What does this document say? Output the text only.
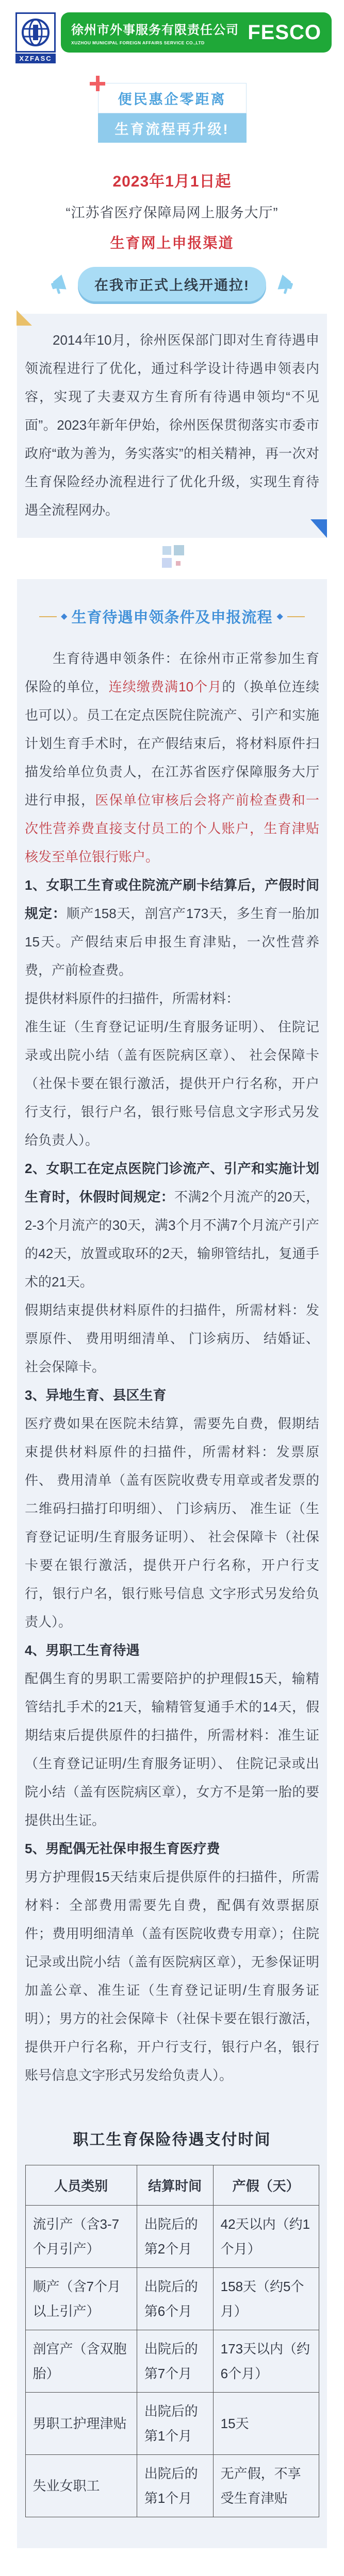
XZFASC
徐州市外事服务有限责任公司
XUZHOU MUNICIPAL FOREIGN AFFAIRS SERVICE CO.,LTD	FESCO
便民惠企零距离
生育流程再升级!
2023年1月1日起
“江苏省医疗保障局网上服务大厅”
生育网上申报渠道
在我市正式上线开通拉!

2014年10月，徐州医保部门即对生育待遇申领流程进行了优化，通过科学设计待遇申领表内容，实现了夫妻双方生育所有待遇申领均“不见面”。2023年新年伊始，徐州医保贯彻落实市委市政府“敢为善为，务实落实”的相关精神，再一次对生育保险经办流程进行了优化升级，实现生育待遇全流程网办。

◆ 生育待遇申领条件及申报流程 ◆

生育待遇申领条件：在徐州市正常参加生育保险的单位，连续缴费满10个月的（换单位连续也可以）。员工在定点医院住院流产、引产和实施计划生育手术时，在产假结束后，将材料原件扫描发给单位负责人，在江苏省医疗保障服务大厅进行申报，医保单位审核后会将产前检查费和一次性营养费直接支付员工的个人账户，生育津贴核发至单位银行账户。

1、女职工生育或住院流产刷卡结算后，产假时间规定：顺产158天，剖宫产173天，多生育一胎加15天。产假结束后申报生育津贴，一次性营养费，产前检查费。

提供材料原件的扫描件，所需材料：

准生证（生育登记证明/生育服务证明）、 住院记录或出院小结（盖有医院病区章）、 社会保障卡（社保卡要在银行激活，提供开户行名称，开户行支行，银行户名，银行账号信息文字形式另发给负责人）。

2、女职工在定点医院门诊流产、引产和实施计划生育时，休假时间规定：不满2个月流产的20天，2-3个月流产的30天，满3个月不满7个月流产引产的42天，放置或取环的2天，输卵管结扎，复通手术的21天。

假期结束提供材料原件的扫描件，所需材料：发票原件、 费用明细清单、 门诊病历、 结婚证、 社会保障卡。

3、异地生育、县区生育

医疗费如果在医院未结算，需要先自费，假期结束提供材料原件的扫描件，所需材料：发票原件、 费用清单（盖有医院收费专用章或者发票的二维码扫描打印明细）、 门诊病历、 准生证（生育登记证明/生育服务证明）、 社会保障卡（社保卡要在银行激活，提供开户行名称，开户行支行，银行户名，银行账号信息 文字形式另发给负责人）。

4、男职工生育待遇

配偶生育的男职工需要陪护的护理假15天，输精管结扎手术的21天，输精管复通手术的14天，假期结束后提供原件的扫描件，所需材料：准生证（生育登记证明/生育服务证明）、 住院记录或出院小结（盖有医院病区章），女方不是第一胎的要提供出生证。

5、男配偶无社保申报生育医疗费

男方护理假15天结束后提供原件的扫描件，所需材料：全部费用需要先自费，配偶有效票据原件；费用明细清单（盖有医院收费专用章）；住院记录或出院小结（盖有医院病区章），无参保证明加盖公章、准生证（生育登记证明/生育服务证明）；男方的社会保障卡（社保卡要在银行激活，提供开户行名称，开户行支行，银行户名，银行账号信息文字形式另发给负责人）。

职工生育保险待遇支付时间
人员类别	结算时间	产假（天）
流引产（含3-7个月引产）	出院后的第2个月	42天以内（约1个月）
顺产（含7个月以上引产）	出院后的第6个月	158天（约5个月）
剖宫产（含双胞胎）	出院后的第7个月	173天以内（约6个月）
男职工护理津贴	出院后的第1个月	15天
失业女职工	出院后的第1个月	无产假，不享受生育津贴
